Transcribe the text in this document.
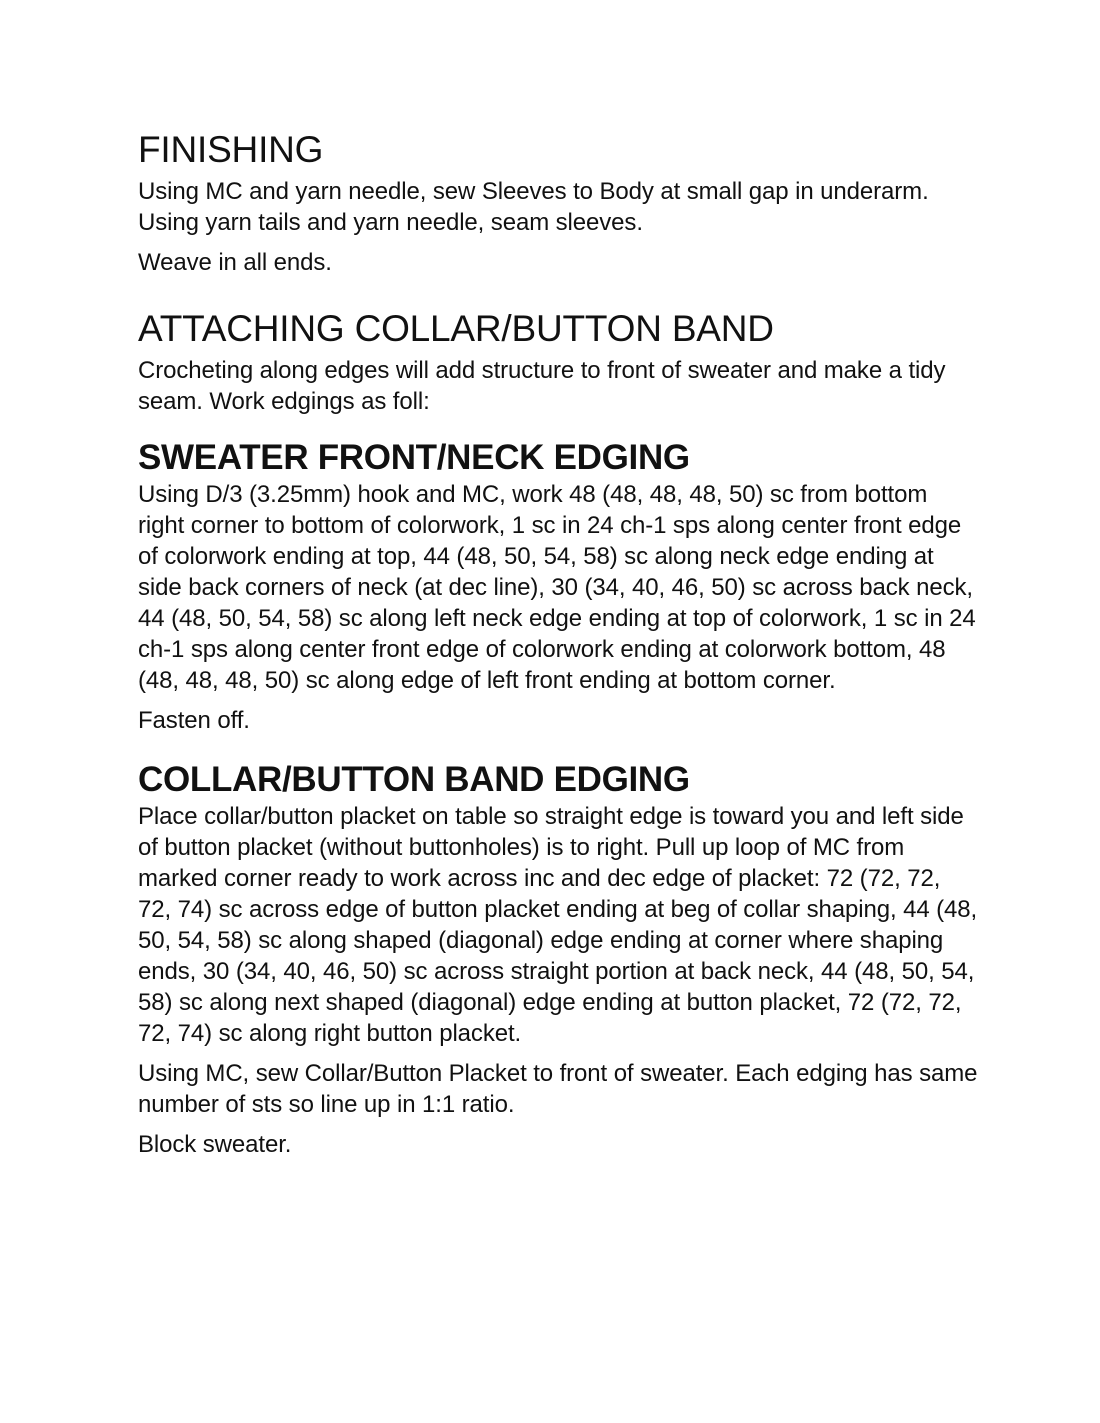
FINISHING

Using MC and yarn needle, sew Sleeves to Body at small gap in underarm. Using yarn tails and yarn needle, seam sleeves.

Weave in all ends.

ATTACHING COLLAR/BUTTON BAND

Crocheting along edges will add structure to front of sweater and make a tidy seam. Work edgings as foll:

SWEATER FRONT/NECK EDGING

Using D/3 (3.25mm) hook and MC, work 48 (48, 48, 48, 50) sc from bottom right corner to bottom of colorwork, 1 sc in 24 ch-1 sps along center front edge of colorwork ending at top, 44 (48, 50, 54, 58) sc along neck edge ending at side back corners of neck (at dec line), 30 (34, 40, 46, 50) sc across back neck, 44 (48, 50, 54, 58) sc along left neck edge ending at top of colorwork, 1 sc in 24 ch-1 sps along center front edge of colorwork ending at colorwork bottom, 48 (48, 48, 48, 50) sc along edge of left front ending at bottom corner.

Fasten off.

COLLAR/BUTTON BAND EDGING

Place collar/button placket on table so straight edge is toward you and left side of button placket (without buttonholes) is to right. Pull up loop of MC from marked corner ready to work across inc and dec edge of placket: 72 (72, 72, 72, 74) sc across edge of button placket ending at beg of collar shaping, 44 (48, 50, 54, 58) sc along shaped (diagonal) edge ending at corner where shaping ends, 30 (34, 40, 46, 50) sc across straight portion at back neck, 44 (48, 50, 54, 58) sc along next shaped (diagonal) edge ending at button placket, 72 (72, 72, 72, 74) sc along right button placket.

Using MC, sew Collar/Button Placket to front of sweater. Each edging has same number of sts so line up in 1:1 ratio.

Block sweater.
